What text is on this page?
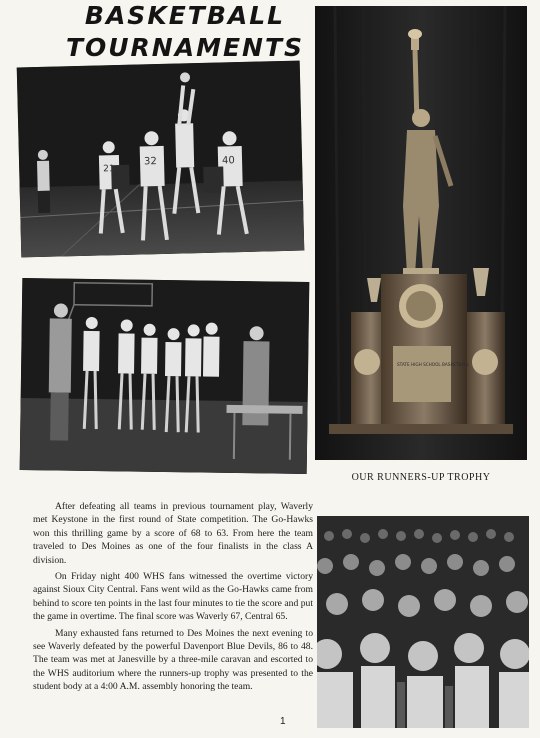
BASKETBALL
TOURNAMENTS
21
32	40
STATE HIGH SCHOOL BASKETBALL
OUR RUNNERS-UP TROPHY

After defeating all teams in previous tournament play, Waverly met Keystone in the first round of State competition. The Go-Hawks won this thrilling game by a score of 68 to 63. From here the team traveled to Des Moines as one of the four finalists in the class A division.

On Friday night 400 WHS fans witnessed the overtime victory against Sioux City Central. Fans went wild as the Go-Hawks came from behind to score ten points in the last four minutes to tie the score and put the game in overtime. The final score was Waverly 67, Central 65.

Many exhausted fans returned to Des Moines the next evening to see Waverly defeated by the powerful Davenport Blue Devils, 86 to 48. The team was met at Janesville by a three-mile caravan and escorted to the WHS auditorium where the runners-up trophy was presented to the student body at a 4:00 A.M. assembly honoring the team.

1
